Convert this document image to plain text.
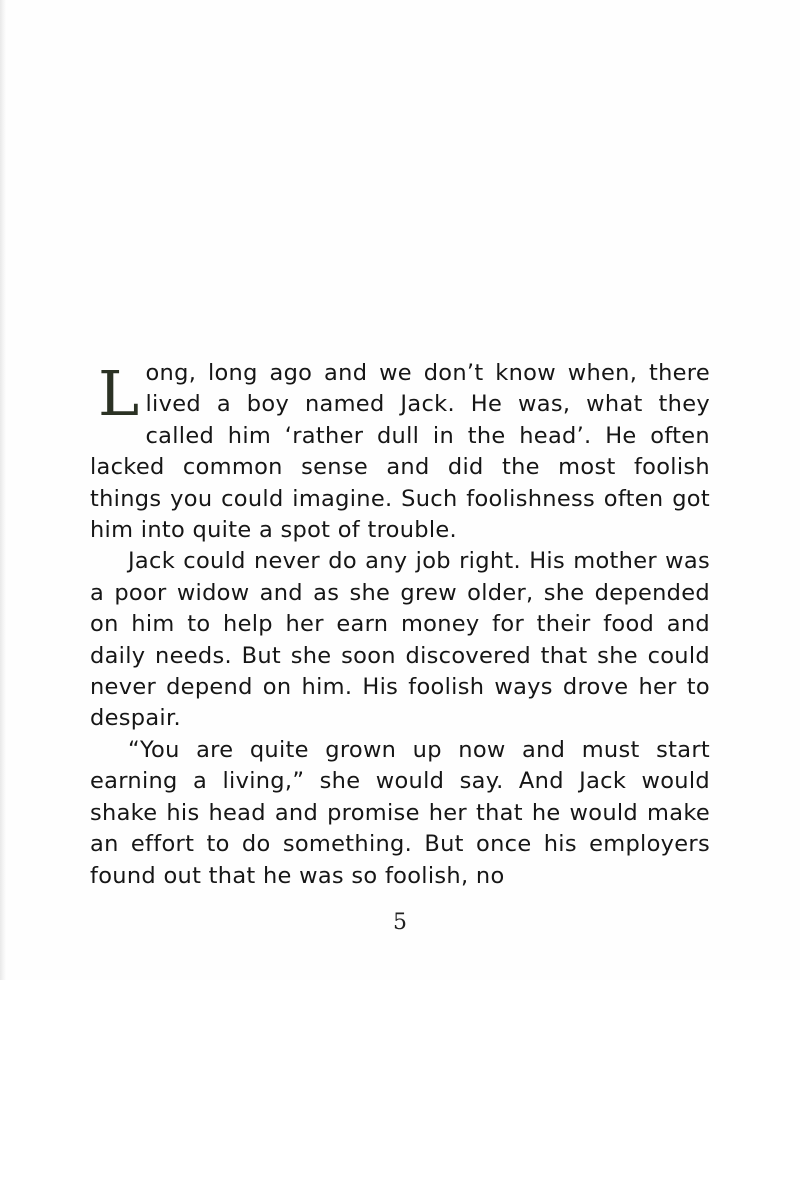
Long, long ago and we don’t know when, there lived a boy named Jack. He was, what they called him ‘rather dull in the head’. He often lacked common sense and did the most foolish things you could imagine. Such foolishness often got him into quite a spot of trouble.

Jack could never do any job right. His mother was a poor widow and as she grew older, she depended on him to help her earn money for their food and daily needs. But she soon discovered that she could never depend on him. His foolish ways drove her to despair.

“You are quite grown up now and must start earning a living,” she would say. And Jack would shake his head and promise her that he would make an effort to do something. But once his employers found out that he was so foolish, no

5
